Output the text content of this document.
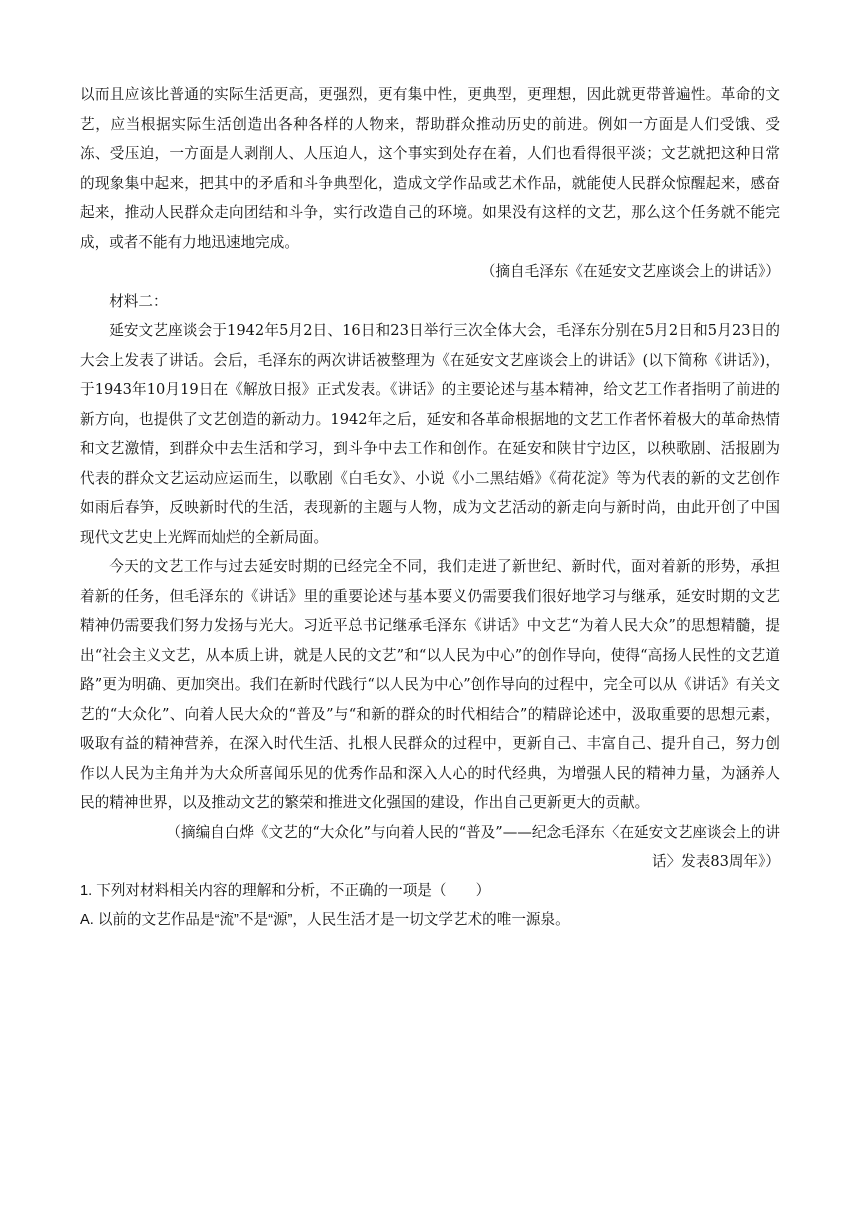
以而且应该比普通的实际生活更高，更强烈，更有集中性，更典型，更理想，因此就更带普遍性。革命的文艺，应当根据实际生活创造出各种各样的人物来，帮助群众推动历史的前进。例如一方面是人们受饿、受冻、受压迫，一方面是人剥削人、人压迫人，这个事实到处存在着，人们也看得很平淡；文艺就把这种日常的现象集中起来，把其中的矛盾和斗争典型化，造成文学作品或艺术作品，就能使人民群众惊醒起来，感奋起来，推动人民群众走向团结和斗争，实行改造自己的环境。如果没有这样的文艺，那么这个任务就不能完成，或者不能有力地迅速地完成。

（摘自毛泽东《在延安文艺座谈会上的讲话》）

材料二：

延安文艺座谈会于1942年5月2日、16日和23日举行三次全体大会，毛泽东分别在5月2日和5月23日的大会上发表了讲话。会后，毛泽东的两次讲话被整理为《在延安文艺座谈会上的讲话》(以下简称《讲话》)，于1943年10月19日在《解放日报》正式发表。《讲话》的主要论述与基本精神，给文艺工作者指明了前进的新方向，也提供了文艺创造的新动力。1942年之后，延安和各革命根据地的文艺工作者怀着极大的革命热情和文艺激情，到群众中去生活和学习，到斗争中去工作和创作。在延安和陕甘宁边区，以秧歌剧、活报剧为代表的群众文艺运动应运而生，以歌剧《白毛女》、小说《小二黑结婚》《荷花淀》等为代表的新的文艺创作如雨后春笋，反映新时代的生活，表现新的主题与人物，成为文艺活动的新走向与新时尚，由此开创了中国现代文艺史上光辉而灿烂的全新局面。

今天的文艺工作与过去延安时期的已经完全不同，我们走进了新世纪、新时代，面对着新的形势，承担着新的任务，但毛泽东的《讲话》里的重要论述与基本要义仍需要我们很好地学习与继承，延安时期的文艺精神仍需要我们努力发扬与光大。习近平总书记继承毛泽东《讲话》中文艺“为着人民大众”的思想精髓，提出“社会主义文艺，从本质上讲，就是人民的文艺”和“以人民为中心”的创作导向，使得“高扬人民性的文艺道路”更为明确、更加突出。我们在新时代践行“以人民为中心”创作导向的过程中，完全可以从《讲话》有关文艺的“大众化”、向着人民大众的“普及”与“和新的群众的时代相结合”的精辟论述中，汲取重要的思想元素，吸取有益的精神营养，在深入时代生活、扎根人民群众的过程中，更新自己、丰富自己、提升自己，努力创作以人民为主角并为大众所喜闻乐见的优秀作品和深入人心的时代经典，为增强人民的精神力量，为涵养人民的精神世界，以及推动文艺的繁荣和推进文化强国的建设，作出自己更新更大的贡献。

（摘编自白烨《文艺的“大众化”与向着人民的“普及”——纪念毛泽东〈在延安文艺座谈会上的讲

话〉发表83周年》）

1. 下列对材料相关内容的理解和分析，不正确的一项是（　　）

A. 以前的文艺作品是“流”不是“源”，人民生活才是一切文学艺术的唯一源泉。
